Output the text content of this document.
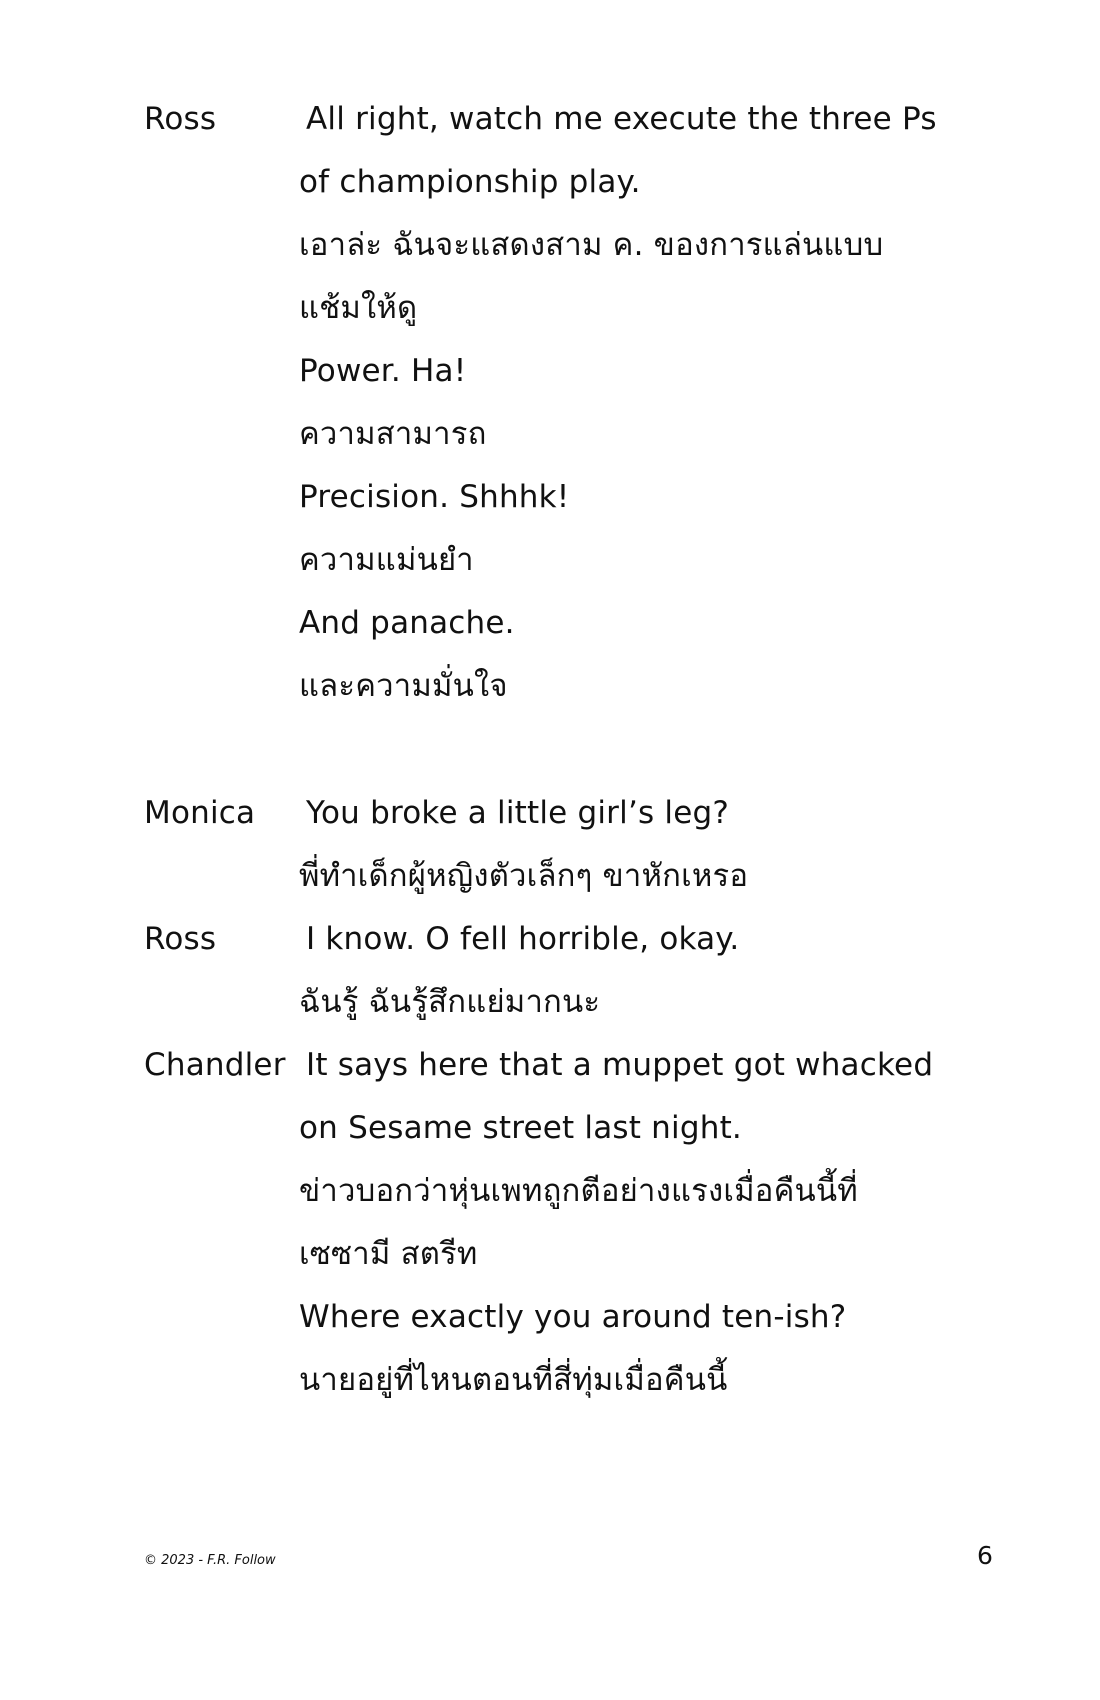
Ross	All right, watch me execute the three Ps
of championship play.
เอาล่ะ ฉันจะแสดงสาม ค. ของการแล่นแบบ
แช้มให้ดู
Power. Ha!
ความสามารถ
Precision. Shhhk!
ความแม่นยำ
And panache.
และความมั่นใจ
Monica You broke a little girl’s leg?
พี่ทำเด็กผู้หญิงตัวเล็กๆ ขาหักเหรอ
Ross	I know. O fell horrible, okay.
ฉันรู้ ฉันรู้สึกแย่มากนะ
Chandler It says here that a muppet got whacked
on Sesame street last night.
ข่าวบอกว่าหุ่นเพทถูกตีอย่างแรงเมื่อคืนนี้ที่
เซซามี สตรีท
Where exactly you around ten-ish?
นายอยู่ที่ไหนตอนที่สี่ทุ่มเมื่อคืนนี้
© 2023 - F.R. Follow	6
